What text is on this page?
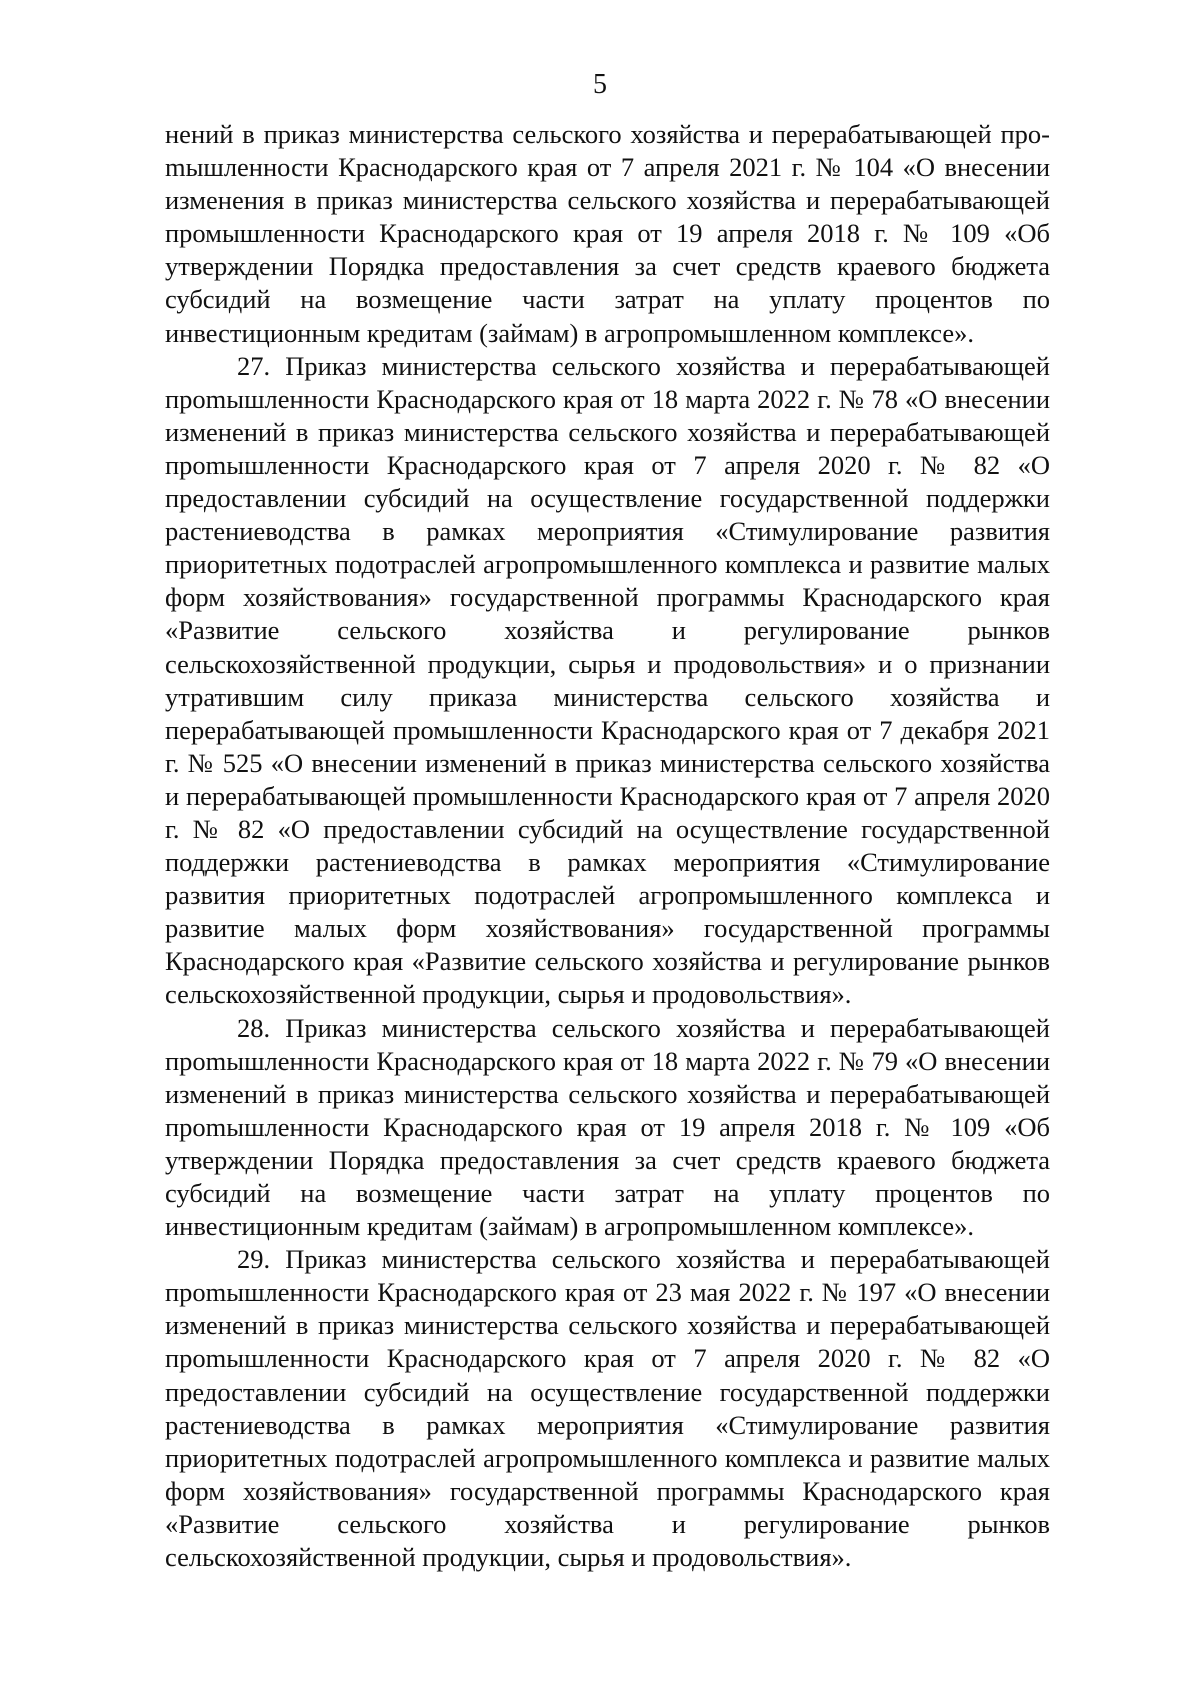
5

нений в приказ министерства сельского хозяйства и перерабатывающей проmышленности Краснодарского края от 7 апреля 2021 г. № 104 «О внесении изменения в приказ министерства сельского хозяйства и перерабатывающей промышленности Краснодарского края от 19 апреля 2018 г. № 109 «Об утверждении Порядка предоставления за счет средств краевого бюджета субсидий на возмещение части затрат на уплату процентов по инвестиционным кредитам (займам) в агропромышленном комплексе».

27. Приказ министерства сельского хозяйства и перерабатывающей проmышленности Краснодарского края от 18 марта 2022 г. № 78 «О внесении изменений в приказ министерства сельского хозяйства и перерабатывающей проmышленности Краснодарского края от 7 апреля 2020 г. № 82 «О предоставлении субсидий на осуществление государственной поддержки растениеводства в рамках мероприятия «Стимулирование развития приоритетных подотраслей агропромышленного комплекса и развитие малых форм хозяйствования» государственной программы Краснодарского края «Развитие сельского хозяйства и регулирование рынков сельскохозяйственной продукции, сырья и продовольствия» и о признании утратившим силу приказа министерства сельского хозяйства и перерабатывающей промышленности Краснодарского края от 7 декабря 2021 г. № 525 «О внесении изменений в приказ министерства сельского хозяйства и перерабатывающей промышленности Краснодарского края от 7 апреля 2020 г. № 82 «О предоставлении субсидий на осуществление государственной поддержки растениеводства в рамках мероприятия «Стимулирование развития приоритетных подотраслей агропромышленного комплекса и развитие малых форм хозяйствования» государственной программы Краснодарского края «Развитие сельского хозяйства и регулирование рынков сельскохозяйственной продукции, сырья и продовольствия».

28. Приказ министерства сельского хозяйства и перерабатывающей проmышленности Краснодарского края от 18 марта 2022 г. № 79 «О внесении изменений в приказ министерства сельского хозяйства и перерабатывающей проmышленности Краснодарского края от 19 апреля 2018 г. № 109 «Об утверждении Порядка предоставления за счет средств краевого бюджета субсидий на возмещение части затрат на уплату процентов по инвестиционным кредитам (займам) в агропромышленном комплексе».

29. Приказ министерства сельского хозяйства и перерабатывающей проmышленности Краснодарского края от 23 мая 2022 г. № 197 «О внесении изменений в приказ министерства сельского хозяйства и перерабатывающей проmышленности Краснодарского края от 7 апреля 2020 г. № 82 «О предоставлении субсидий на осуществление государственной поддержки растениеводства в рамках мероприятия «Стимулирование развития приоритетных подотраслей агропромышленного комплекса и развитие малых форм хозяйствования» государственной программы Краснодарского края «Развитие сельского хозяйства и регулирование рынков сельскохозяйственной продукции, сырья и продовольствия».
